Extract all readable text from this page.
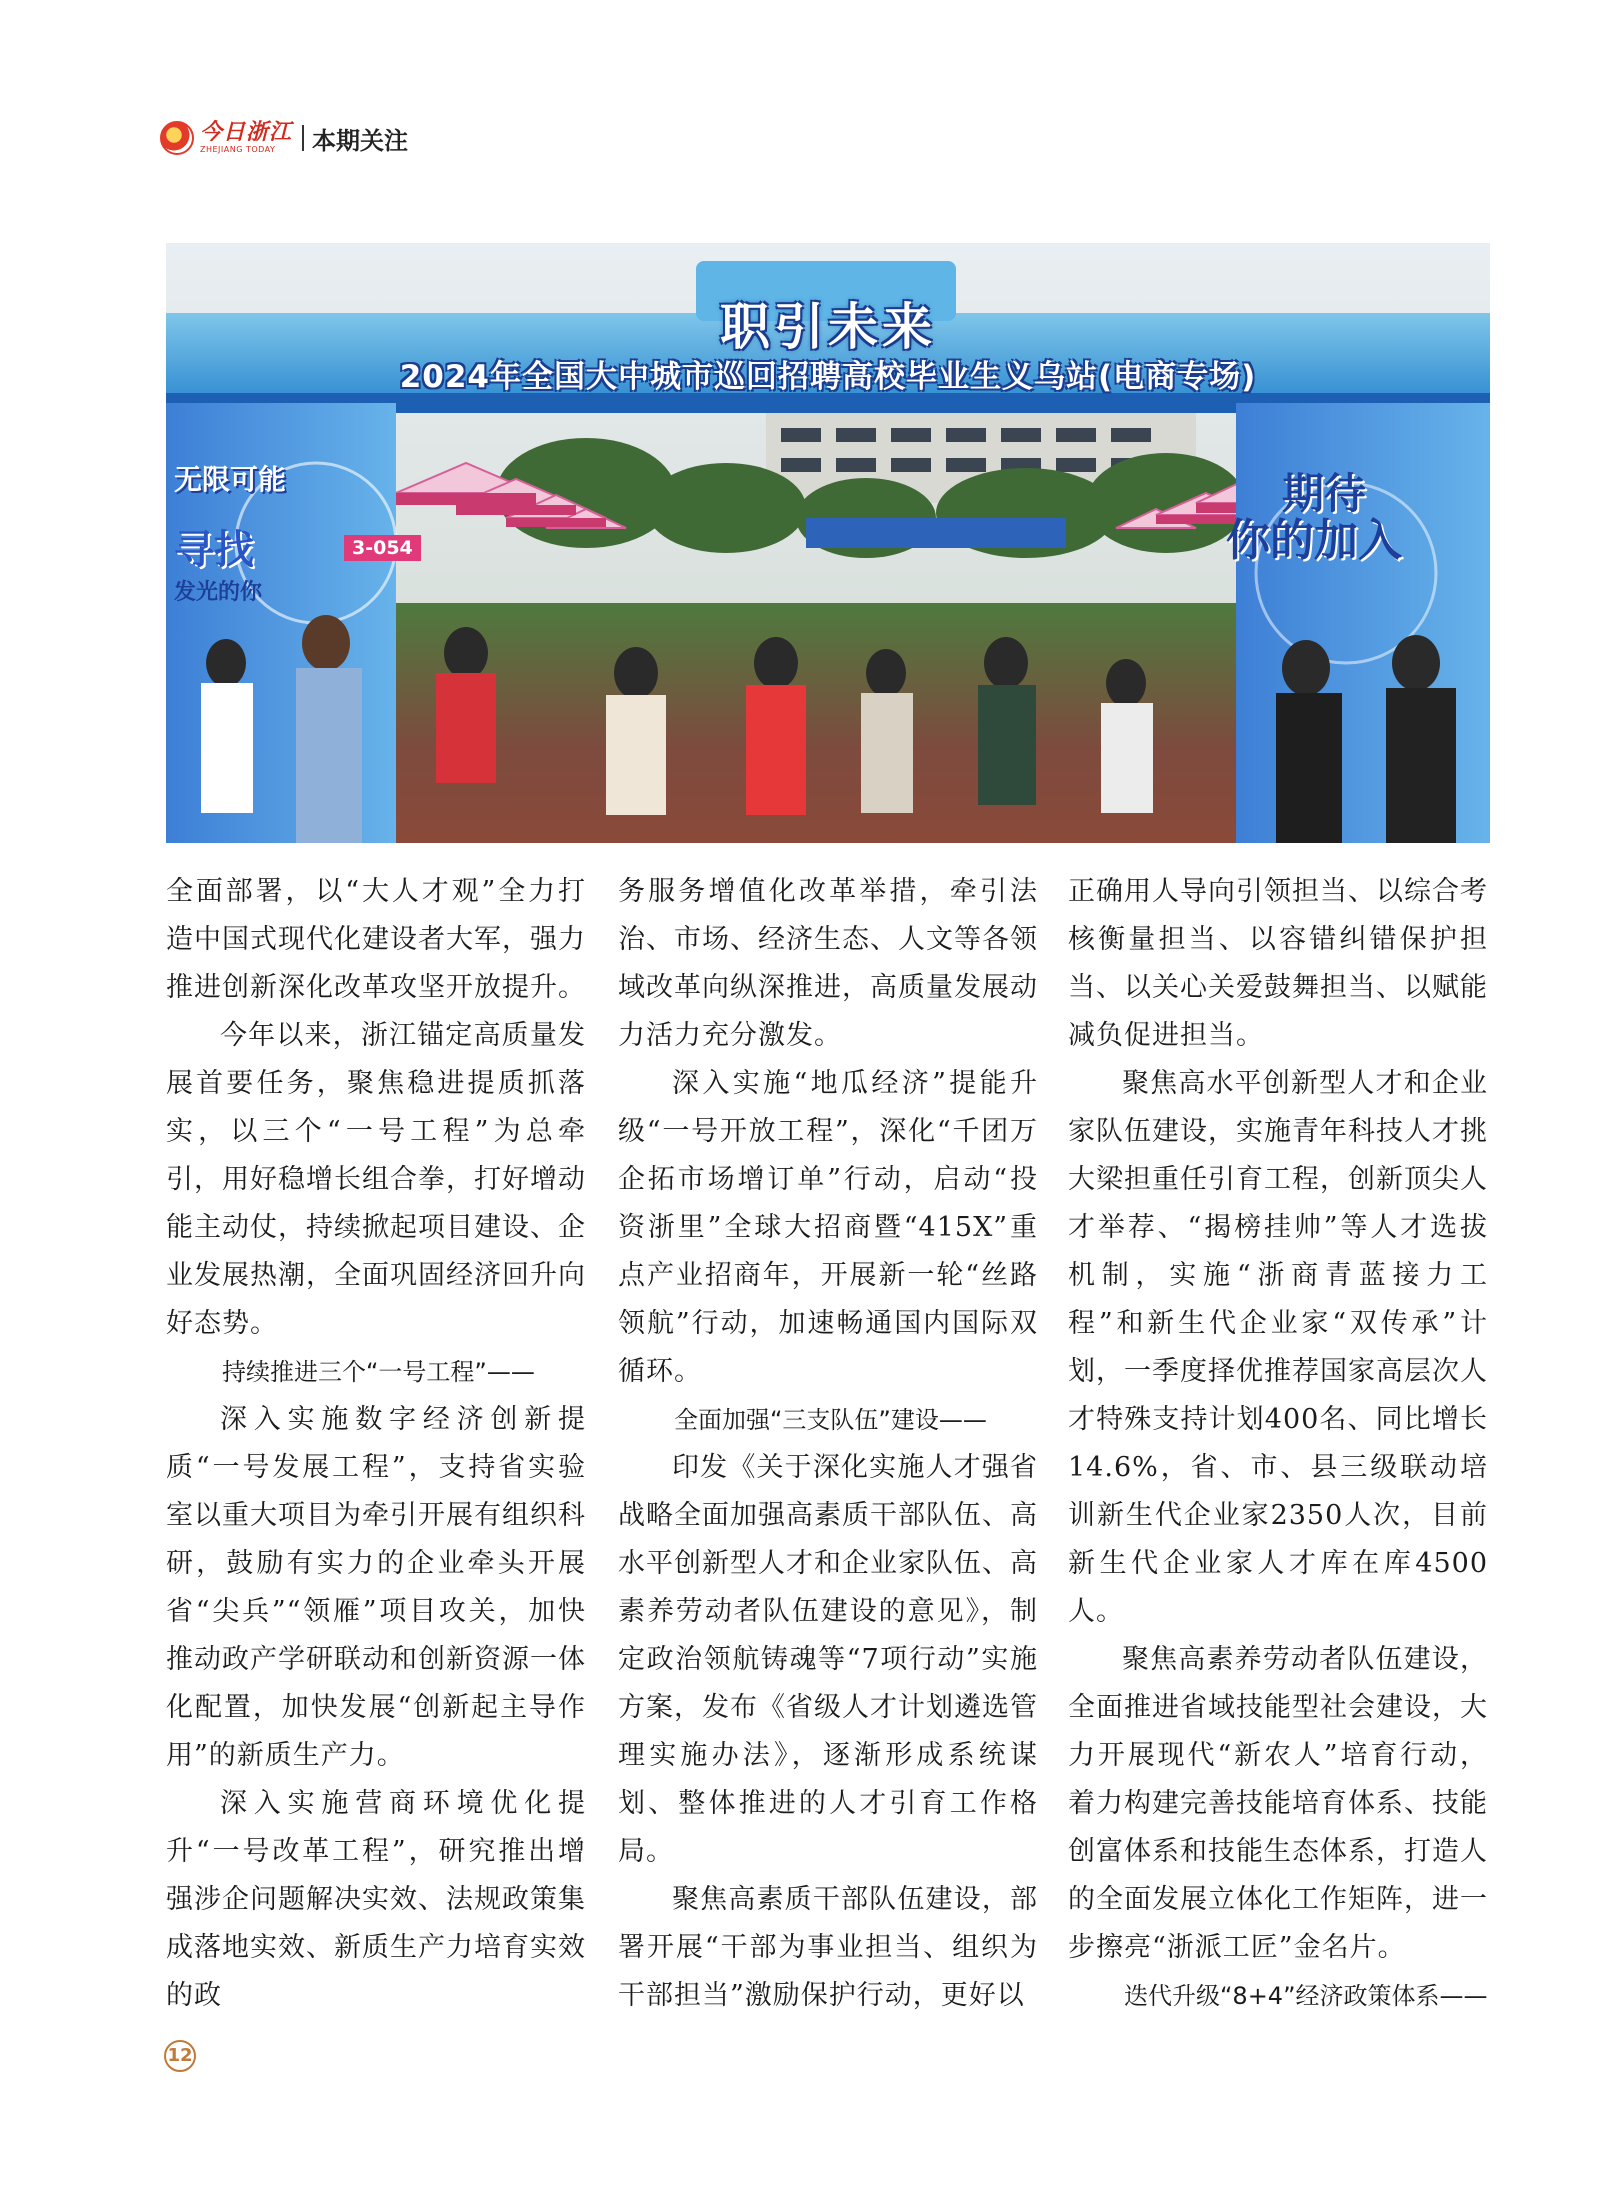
今日浙江
ZHEJIANG TODAY	本期关注
职引未来
2024年全国大中城市巡回招聘高校毕业生义乌站(电商专场)
无限可能
寻找
发光的你
期待
你的加入
3-054

全面部署，以“大人才观”全力打造中国式现代化建设者大军，强力推进创新深化改革攻坚开放提升。

今年以来，浙江锚定高质量发展首要任务，聚焦稳进提质抓落实，以三个“一号工程”为总牵引，用好稳增长组合拳，打好增动能主动仗，持续掀起项目建设、企业发展热潮，全面巩固经济回升向好态势。

持续推进三个“一号工程”——

深入实施数字经济创新提质“一号发展工程”，支持省实验室以重大项目为牵引开展有组织科研，鼓励有实力的企业牵头开展省“尖兵”“领雁”项目攻关，加快推动政产学研联动和创新资源一体化配置，加快发展“创新起主导作用”的新质生产力。

深入实施营商环境优化提升“一号改革工程”，研究推出增强涉企问题解决实效、法规政策集成落地实效、新质生产力培育实效的政

务服务增值化改革举措，牵引法治、市场、经济生态、人文等各领域改革向纵深推进，高质量发展动力活力充分激发。

深入实施“地瓜经济”提能升级“一号开放工程”，深化“千团万企拓市场增订单”行动，启动“投资浙里”全球大招商暨“415X”重点产业招商年，开展新一轮“丝路领航”行动，加速畅通国内国际双循环。

全面加强“三支队伍”建设——

印发《关于深化实施人才强省战略全面加强高素质干部队伍、高水平创新型人才和企业家队伍、高素养劳动者队伍建设的意见》，制定政治领航铸魂等“7项行动”实施方案，发布《省级人才计划遴选管理实施办法》，逐渐形成系统谋划、整体推进的人才引育工作格局。

聚焦高素质干部队伍建设，部署开展“干部为事业担当、组织为干部担当”激励保护行动，更好以

正确用人导向引领担当、以综合考核衡量担当、以容错纠错保护担当、以关心关爱鼓舞担当、以赋能减负促进担当。

聚焦高水平创新型人才和企业家队伍建设，实施青年科技人才挑大梁担重任引育工程，创新顶尖人才举荐、“揭榜挂帅”等人才选拔机制，实施“浙商青蓝接力工程”和新生代企业家“双传承”计划，一季度择优推荐国家高层次人才特殊支持计划400名、同比增长14.6%，省、市、县三级联动培训新生代企业家2350人次，目前新生代企业家人才库在库4500人。

聚焦高素养劳动者队伍建设，全面推进省域技能型社会建设，大力开展现代“新农人”培育行动，着力构建完善技能培育体系、技能创富体系和技能生态体系，打造人的全面发展立体化工作矩阵，进一步擦亮“浙派工匠”金名片。

迭代升级“8+4”经济政策体系——

12
